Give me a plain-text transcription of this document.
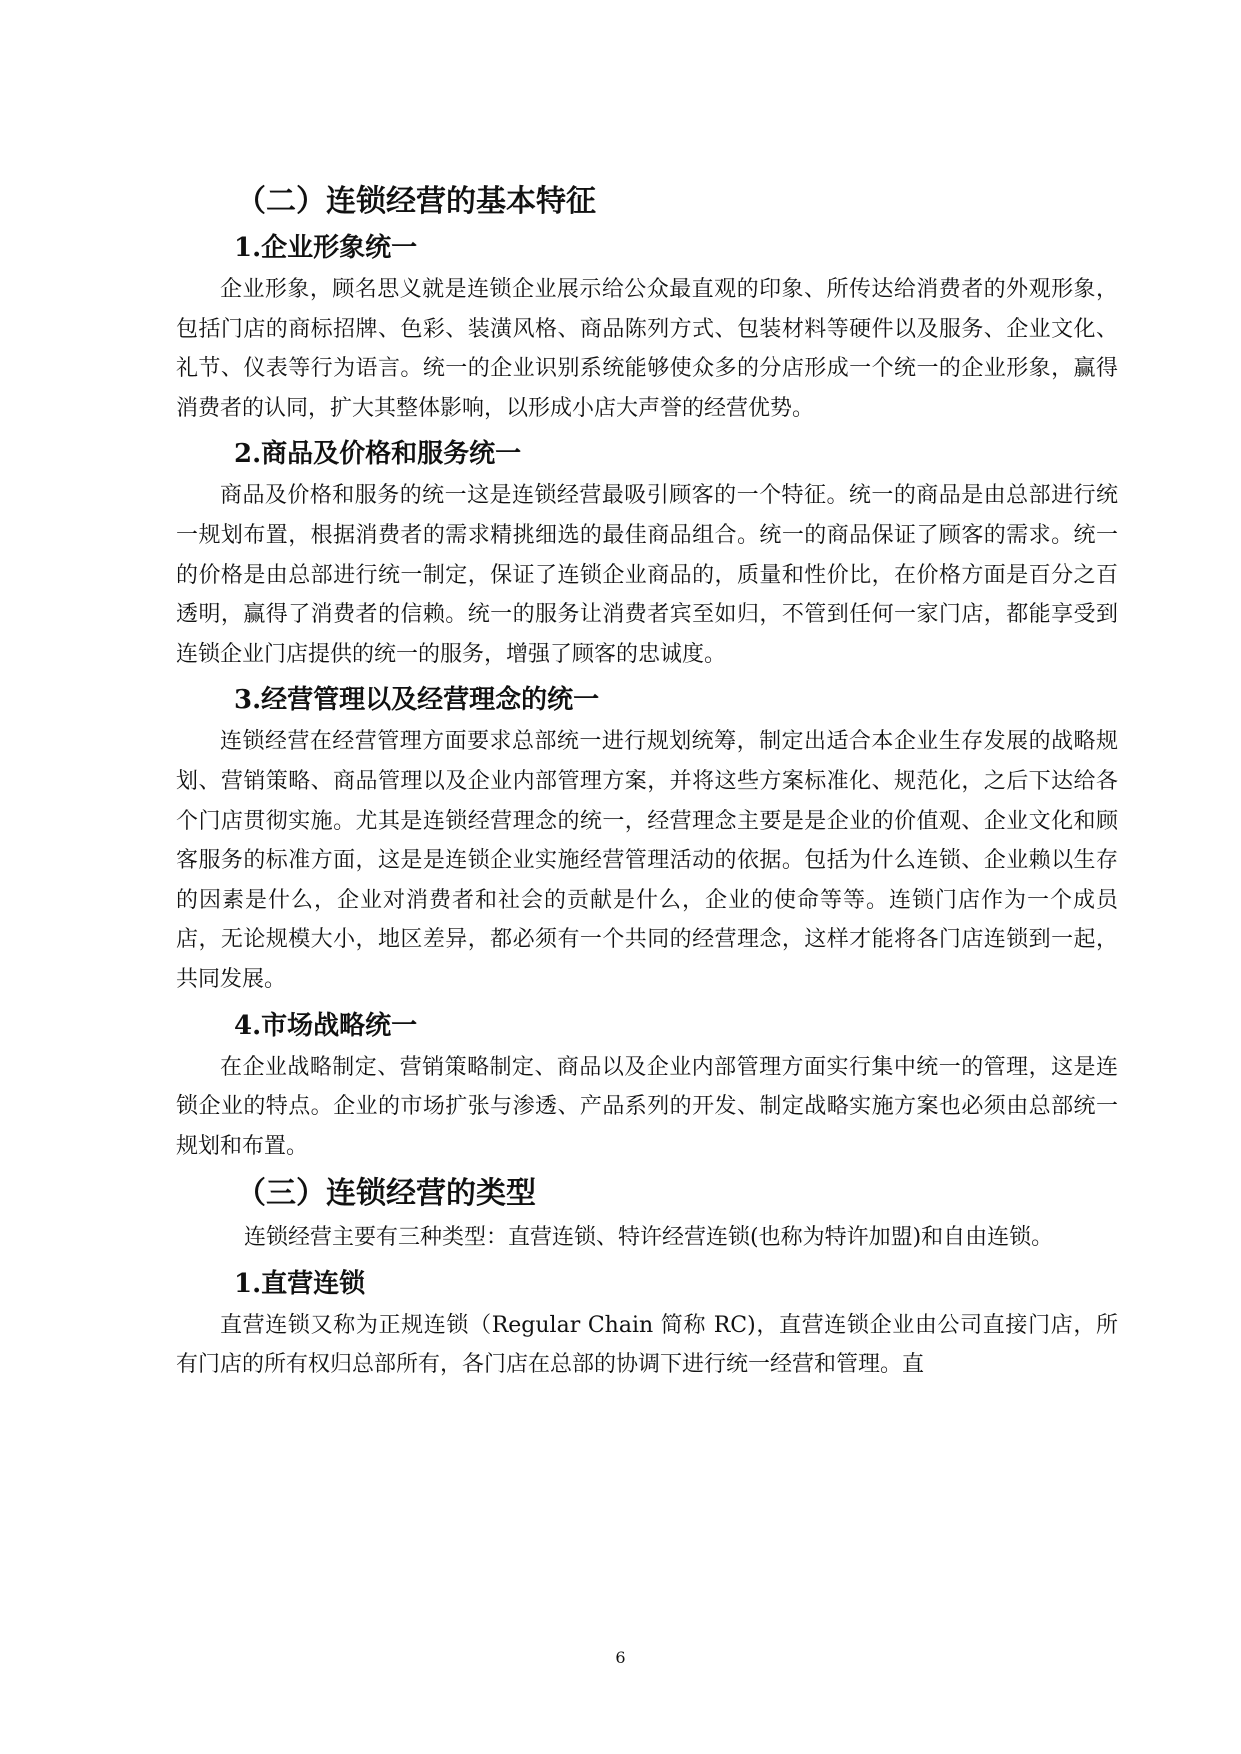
（二）连锁经营的基本特征
1.企业形象统一

企业形象，顾名思义就是连锁企业展示给公众最直观的印象、所传达给消费者的外观形象，包括门店的商标招牌、色彩、装潢风格、商品陈列方式、包装材料等硬件以及服务、企业文化、礼节、仪表等行为语言。统一的企业识别系统能够使众多的分店形成一个统一的企业形象，赢得消费者的认同，扩大其整体影响，以形成小店大声誉的经营优势。

2.商品及价格和服务统一

商品及价格和服务的统一这是连锁经营最吸引顾客的一个特征。统一的商品是由总部进行统一规划布置，根据消费者的需求精挑细选的最佳商品组合。统一的商品保证了顾客的需求。统一的价格是由总部进行统一制定，保证了连锁企业商品的，质量和性价比，在价格方面是百分之百透明，赢得了消费者的信赖。统一的服务让消费者宾至如归，不管到任何一家门店，都能享受到连锁企业门店提供的统一的服务，增强了顾客的忠诚度。

3.经营管理以及经营理念的统一

连锁经营在经营管理方面要求总部统一进行规划统筹，制定出适合本企业生存发展的战略规划、营销策略、商品管理以及企业内部管理方案，并将这些方案标准化、规范化，之后下达给各个门店贯彻实施。尤其是连锁经营理念的统一，经营理念主要是是企业的价值观、企业文化和顾客服务的标准方面，这是是连锁企业实施经营管理活动的依据。包括为什么连锁、企业赖以生存的因素是什么，企业对消费者和社会的贡献是什么，企业的使命等等。连锁门店作为一个成员店，无论规模大小，地区差异，都必须有一个共同的经营理念，这样才能将各门店连锁到一起，共同发展。

4.市场战略统一

在企业战略制定、营销策略制定、商品以及企业内部管理方面实行集中统一的管理，这是连锁企业的特点。企业的市场扩张与渗透、产品系列的开发、制定战略实施方案也必须由总部统一规划和布置。

（三）连锁经营的类型

连锁经营主要有三种类型：直营连锁、特许经营连锁(也称为特许加盟)和自由连锁。

1.直营连锁

直营连锁又称为正规连锁（Regular Chain 简称 RC)，直营连锁企业由公司直接门店，所有门店的所有权归总部所有，各门店在总部的协调下进行统一经营和管理。直

6
